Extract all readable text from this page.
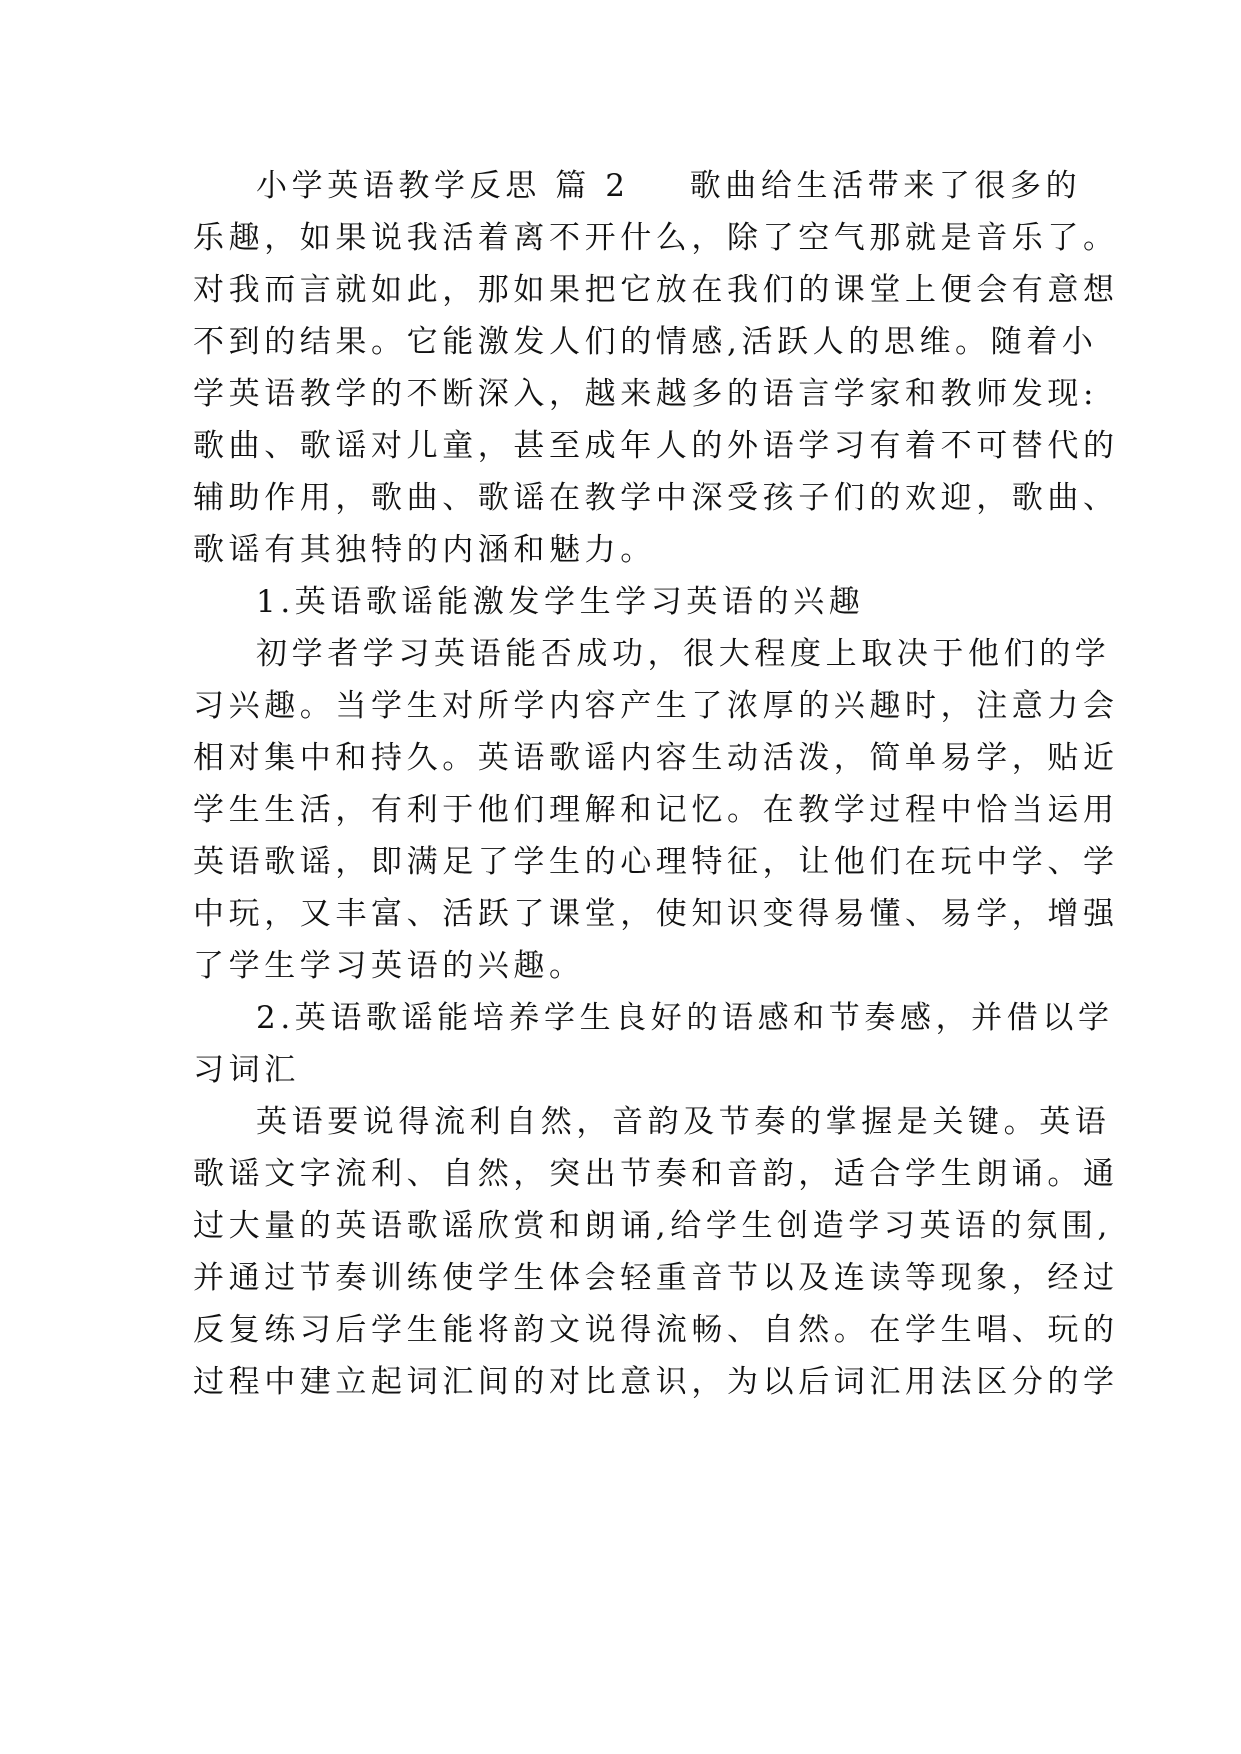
小学英语教学反思 篇 2 歌曲给生活带来了很多的
乐趣，如果说我活着离不开什么，除了空气那就是音乐了。
对我而言就如此，那如果把它放在我们的课堂上便会有意想
不到的结果。它能激发人们的情感,活跃人的思维。随着小
学英语教学的不断深入，越来越多的语言学家和教师发现:
歌曲、歌谣对儿童，甚至成年人的外语学习有着不可替代的
辅助作用，歌曲、歌谣在教学中深受孩子们的欢迎，歌曲、
歌谣有其独特的内涵和魅力。
1.英语歌谣能激发学生学习英语的兴趣
初学者学习英语能否成功，很大程度上取决于他们的学
习兴趣。当学生对所学内容产生了浓厚的兴趣时，注意力会
相对集中和持久。英语歌谣内容生动活泼，简单易学，贴近
学生生活，有利于他们理解和记忆。在教学过程中恰当运用
英语歌谣，即满足了学生的心理特征，让他们在玩中学、学
中玩，又丰富、活跃了课堂，使知识变得易懂、易学，增强
了学生学习英语的兴趣。
2.英语歌谣能培养学生良好的语感和节奏感，并借以学
习词汇
英语要说得流利自然，音韵及节奏的掌握是关键。英语
歌谣文字流利、自然，突出节奏和音韵，适合学生朗诵。通
过大量的英语歌谣欣赏和朗诵,给学生创造学习英语的氛围,
并通过节奏训练使学生体会轻重音节以及连读等现象，经过
反复练习后学生能将韵文说得流畅、自然。在学生唱、玩的
过程中建立起词汇间的对比意识，为以后词汇用法区分的学
